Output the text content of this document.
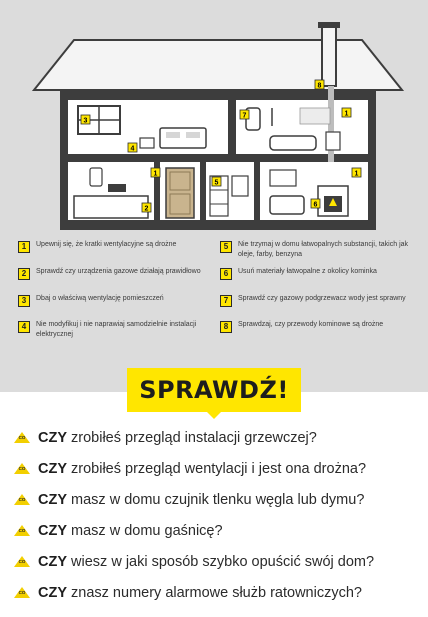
1
1	1
2
3
4
5
6
7
8
1	Upewnij się, że kratki wentylacyjne są drożne
2	Sprawdź czy urządzenia gazowe działają prawidłowo
3	Dbaj o właściwą wentylację pomieszczeń
4	Nie modyfikuj i nie naprawiaj samodzielnie instalacji elektrycznej
5	Nie trzymaj w domu łatwopalnych substancji, takich jak oleje, farby, benzyna
6	Usuń materiały łatwopalne z okolicy kominka
7	Sprawdź czy gazowy podgrzewacz wody jest sprawny
8	Sprawdzaj, czy przewody kominowe są drożne
SPRAWDŹ!
CO CZY zrobiłeś przegląd instalacji grzewczej?
CO CZY zrobiłeś przegląd wentylacji i jest ona drożna?
CO CZY masz w domu czujnik tlenku węgla lub dymu?
CO CZY masz w domu gaśnicę?
CO CZY wiesz w jaki sposób szybko opuścić swój dom?
CO CZY znasz numery alarmowe służb ratowniczych?
